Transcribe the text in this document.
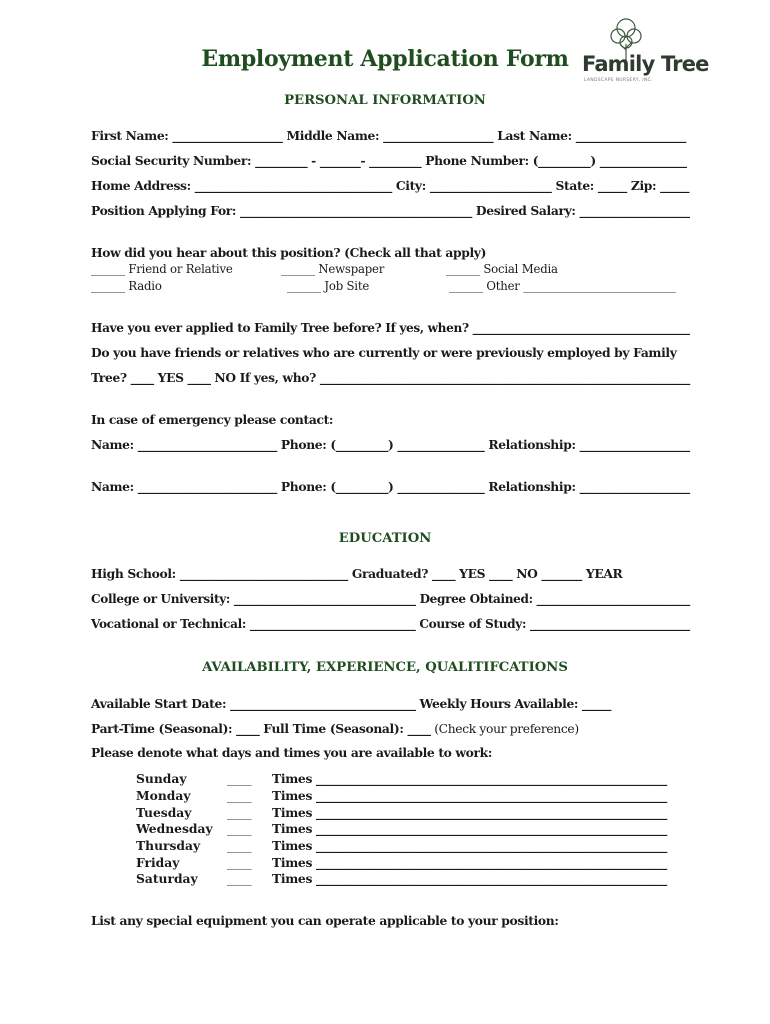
Employment Application Form Family Tree
LANDSCAPE NURSERY, INC.
PERSONAL INFORMATION
First Name: ___________________ Middle Name: ___________________ Last Name: ___________________
Social Security Number: _________ - _______- _________ Phone Number: (_________) _______________
Home Address: __________________________________ City: _____________________ State: _____ Zip: _____
Position Applying For: ________________________________________ Desired Salary: ___________________
How did you hear about this position? (Check all that apply)
______ Friend or Relative	______ Newspaper	______ Social Media
______ Radio	______ Job Site	______ Other ___________________________
Have you ever applied to Family Tree before? If yes, when? ______________________________________
Do you have friends or relatives who are currently or were previously employed by Family
Tree? ____ YES ____ NO If yes, who? ________________________________________________________________
In case of emergency please contact:
Name: ________________________ Phone: (_________) _______________ Relationship: ___________________
Name: ________________________ Phone: (_________) _______________ Relationship: ___________________
EDUCATION
High School: _____________________________ Graduated? ____ YES ____ NO _______ YEAR
College or University: ________________________________ Degree Obtained: ___________________________
Vocational or Technical: _____________________________ Course of Study: ____________________________
AVAILABILITY, EXPERIENCE, QUALITIFCATIONS
Available Start Date: ________________________________ Weekly Hours Available: _____
Part-Time (Seasonal): ____ Full Time (Seasonal): ____ (Check your preference)
Please denote what days and times you are available to work:
Sunday	____ Times ____________________________________________________________
Monday	____ Times ____________________________________________________________
Tuesday	____ Times ____________________________________________________________
Wednesday ____ Times ____________________________________________________________
Thursday ____ Times ____________________________________________________________
Friday	____ Times ____________________________________________________________
Saturday ____ Times ____________________________________________________________
List any special equipment you can operate applicable to your position:
